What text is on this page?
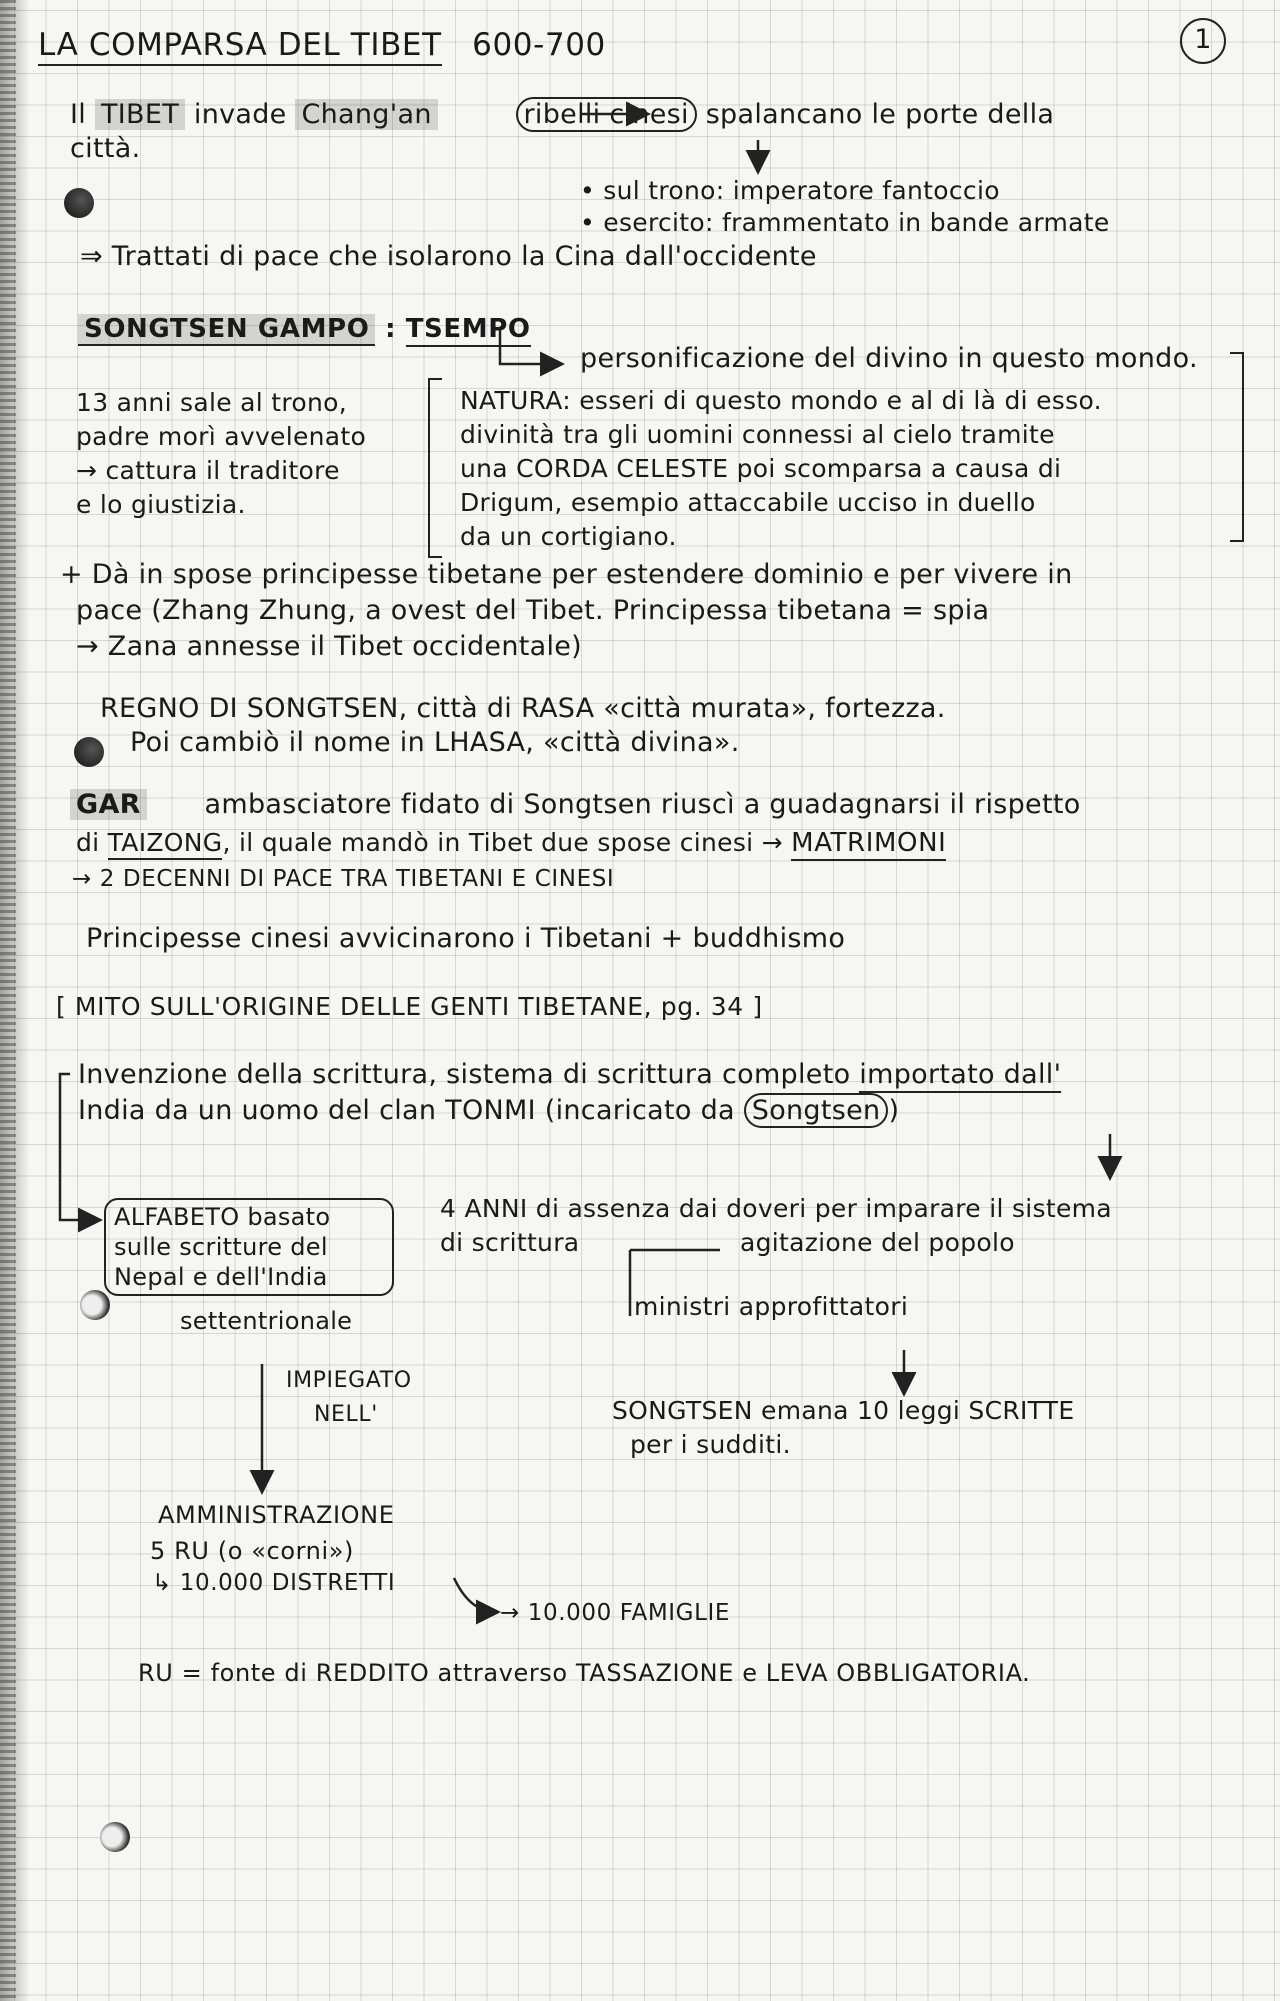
LA COMPARSA DEL TIBET 600-700	1
Il TIBET invade Chang'an	ribelli cinesi spalancano le porte della
città.
• sul trono: imperatore fantoccio
• esercito: frammentato in bande armate
⇒ Trattati di pace che isolarono la Cina dall'occidente
SONGTSEN GAMPO : TSEMPO
personificazione del divino in questo mondo.
13 anni sale al trono,
padre morì avvelenato
→ cattura il traditore
e lo giustizia.
NATURA: esseri di questo mondo e al di là di esso.
divinità tra gli uomini connessi al cielo tramite
una CORDA CELESTE poi scomparsa a causa di
Drigum, esempio attaccabile ucciso in duello
da un cortigiano.
+ Dà in spose principesse tibetane per estendere dominio e per vivere in
pace (Zhang Zhung, a ovest del Tibet. Principessa tibetana = spia
→ Zana annesse il Tibet occidentale)
REGNO DI SONGTSEN, città di RASA «città murata», fortezza.
Poi cambiò il nome in LHASA, «città divina».
GAR ambasciatore fidato di Songtsen riuscì a guadagnarsi il rispetto
di TAIZONG, il quale mandò in Tibet due spose cinesi → MATRIMONI
→ 2 DECENNI DI PACE TRA TIBETANI E CINESI
Principesse cinesi avvicinarono i Tibetani + buddhismo
[ MITO SULL'ORIGINE DELLE GENTI TIBETANE, pg. 34 ]
Invenzione della scrittura, sistema di scrittura completo importato dall'
India da un uomo del clan TONMI (incaricato da Songtsen )
ALFABETO basato
sulle scritture del
Nepal e dell'India
settentrionale
4 ANNI di assenza dai doveri per imparare il sistema
di scrittura	agitazione del popolo
ministri approfittatori
SONGTSEN emana 10 leggi SCRITTE
per i sudditi.
IMPIEGATO
NELL'
AMMINISTRAZIONE
5 RU (o «corni»)
↳ 10.000 DISTRETTI
→ 10.000 FAMIGLIE
RU = fonte di REDDITO attraverso TASSAZIONE e LEVA OBBLIGATORIA.
